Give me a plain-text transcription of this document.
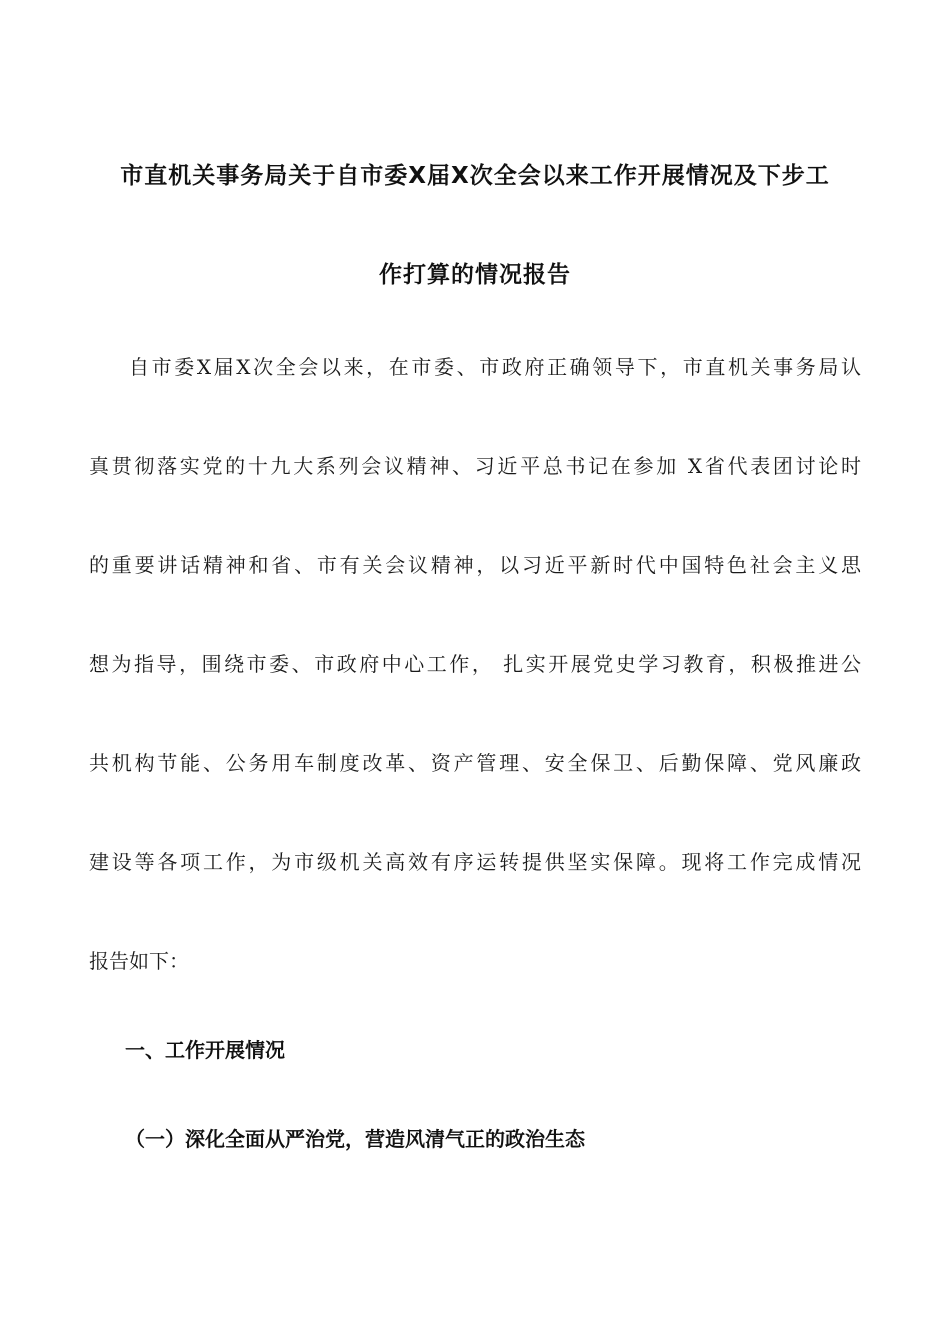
市直机关事务局关于自市委X届X次全会以来工作开展情况及下步工
作打算的情况报告
自市委X届X次全会以来，在市委、市政府正确领导下，市直机关事务局认
真贯彻落实党的十九大系列会议精神、习近平总书记在参加 X省代表团讨论时
的重要讲话精神和省、市有关会议精神，以习近平新时代中国特色社会主义思
想为指导，围绕市委、市政府中心工作， 扎实开展党史学习教育，积极推进公
共机构节能、公务用车制度改革、资产管理、安全保卫、后勤保障、党风廉政
建设等各项工作，为市级机关高效有序运转提供坚实保障。现将工作完成情况
报告如下：
一、工作开展情况
（一）深化全面从严治党，营造风清气正的政治生态
